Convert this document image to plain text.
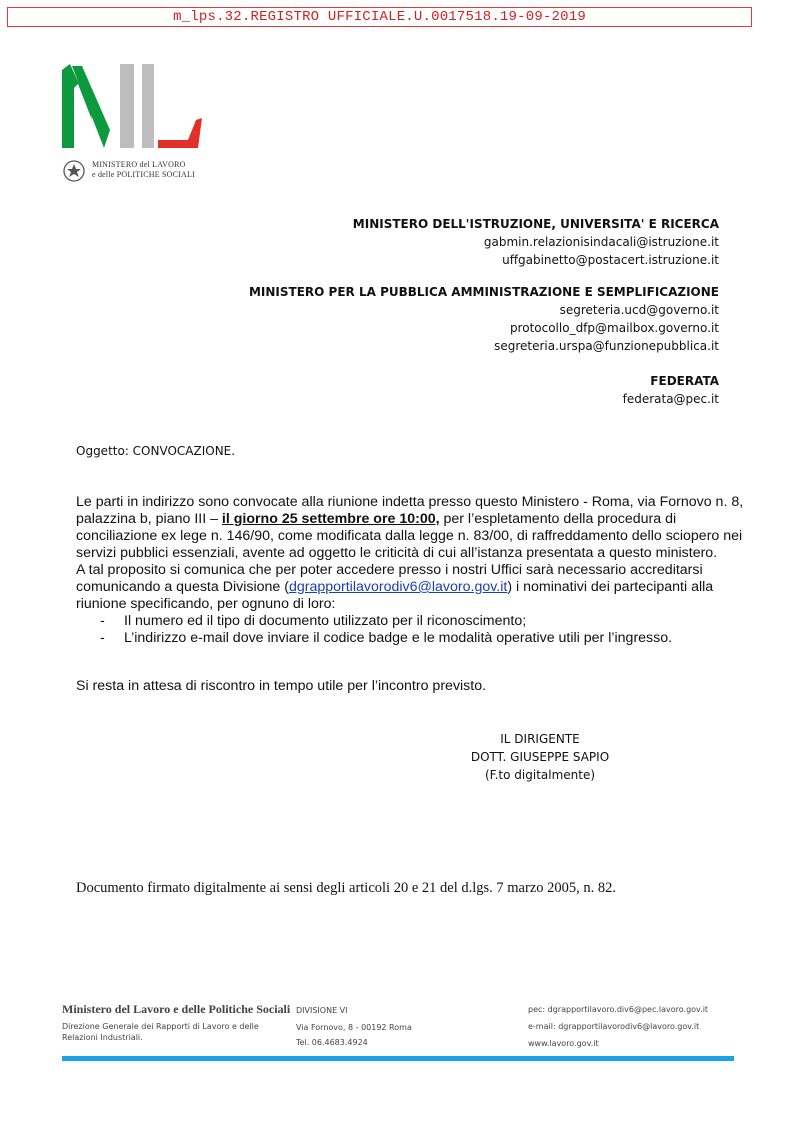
m_lps.32.REGISTRO UFFICIALE.U.0017518.19-09-2019
MINISTERO del LAVORO
e delle POLITICHE SOCIALI
MINISTERO DELL'ISTRUZIONE, UNIVERSITA' E RICERCA
gabmin.relazionisindacali@istruzione.it
uffgabinetto@postacert.istruzione.it
MINISTERO PER LA PUBBLICA AMMINISTRAZIONE E SEMPLIFICAZIONE
segreteria.ucd@governo.it
protocollo_dfp@mailbox.governo.it
segreteria.urspa@funzionepubblica.it
FEDERATA
federata@pec.it
Oggetto: CONVOCAZIONE.

Le parti in indirizzo sono convocate alla riunione indetta presso questo Ministero - Roma, via Fornovo n. 8, palazzina b, piano III – il giorno 25 settembre ore 10:00, per l’espletamento della procedura di conciliazione ex lege n. 146/90, come modificata dalla legge n. 83/00, di raffreddamento dello sciopero nei servizi pubblici essenziali, avente ad oggetto le criticità di cui all’istanza presentata a questo ministero.

A tal proposito si comunica che per poter accedere presso i nostri Uffici sarà necessario accreditarsi comunicando a questa Divisione (dgrapportilavorodiv6@lavoro.gov.it) i nominativi dei partecipanti alla riunione specificando, per ognuno di loro:

- Il numero ed il tipo di documento utilizzato per il riconoscimento;
- L’indirizzo e-mail dove inviare il codice badge e le modalità operative utili per l’ingresso.
Si resta in attesa di riscontro in tempo utile per l’incontro previsto.
IL DIRIGENTE
DOTT. GIUSEPPE SAPIO
(F.to digitalmente)
Documento firmato digitalmente ai sensi degli articoli 20 e 21 del d.lgs. 7 marzo 2005, n. 82.
Ministero del Lavoro e delle Politiche Sociali
Direzione Generale dei Rapporti di Lavoro e delle
Relazioni Industriali.
DIVISIONE VI
Via Fornovo, 8 - 00192 Roma
Tel. 06.4683.4924
pec: dgrapportilavoro.div6@pec.lavoro.gov.it
e-mail: dgrapportilavorodiv6@lavoro.gov.it
www.lavoro.gov.it
